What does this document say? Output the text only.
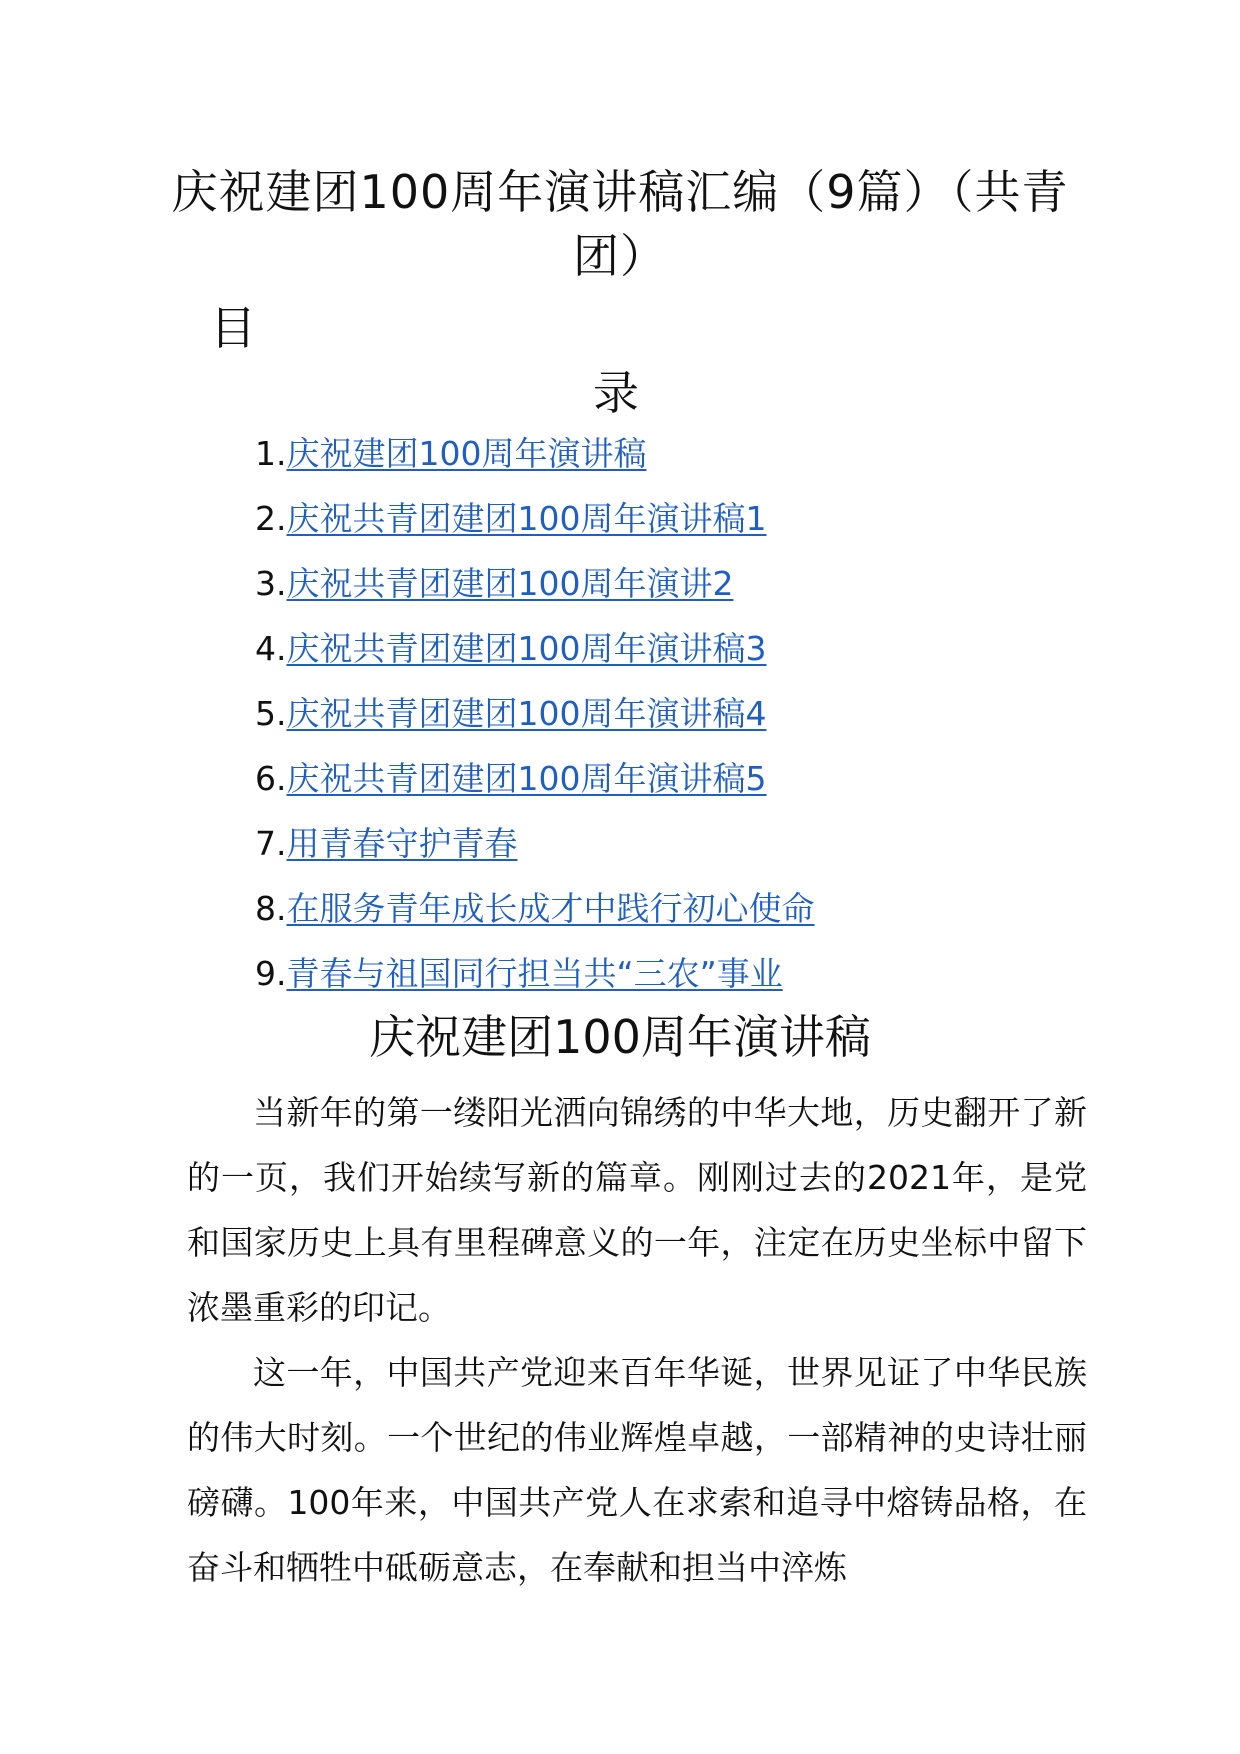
庆祝建团100周年演讲稿汇编（9篇）（共青团）
目
录
1.庆祝建团100周年演讲稿
2.庆祝共青团建团100周年演讲稿1
3.庆祝共青团建团100周年演讲2
4.庆祝共青团建团100周年演讲稿3
5.庆祝共青团建团100周年演讲稿4
6.庆祝共青团建团100周年演讲稿5
7.用青春守护青春
8.在服务青年成长成才中践行初心使命
9.青春与祖国同行担当共“三农”事业
庆祝建团100周年演讲稿

当新年的第一缕阳光洒向锦绣的中华大地，历史翻开了新的一页，我们开始续写新的篇章。刚刚过去的2021年，是党和国家历史上具有里程碑意义的一年，注定在历史坐标中留下浓墨重彩的印记。

这一年，中国共产党迎来百年华诞，世界见证了中华民族的伟大时刻。一个世纪的伟业辉煌卓越，一部精神的史诗壮丽磅礴。100年来，中国共产党人在求索和追寻中熔铸品格，在奋斗和牺牲中砥砺意志，在奉献和担当中淬炼
